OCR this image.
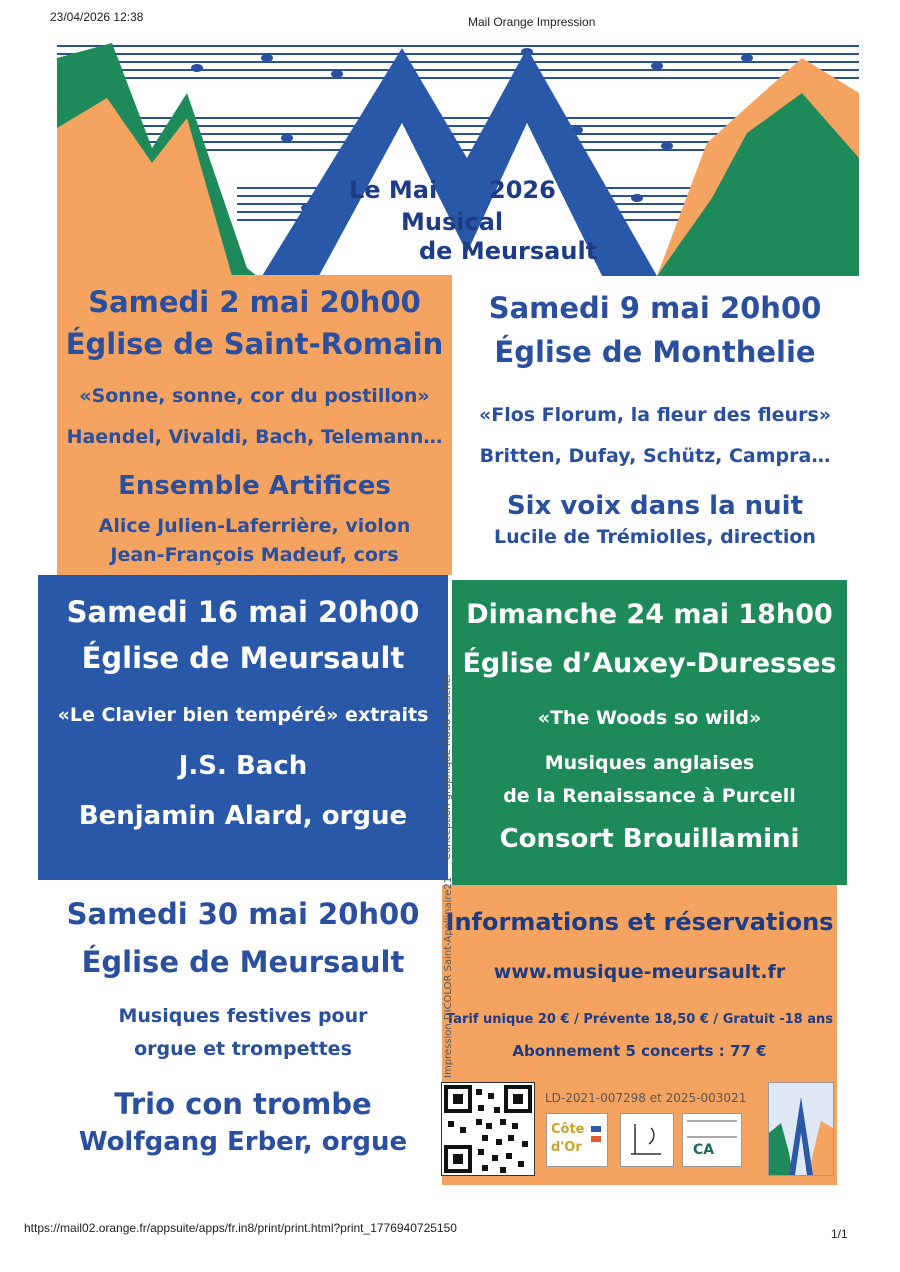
23/04/2026 12:38	Mail Orange Impression
Le Mai 2026
Musical
de Meursault
Samedi 2 mai 20h00
Église de Saint-Romain
«Sonne, sonne, cor du postillon»
Haendel, Vivaldi, Bach, Telemann…
Ensemble Artifices
Alice Julien-Laferrière, violon
Jean-François Madeuf, cors
Samedi 9 mai 20h00
Église de Monthelie
«Flos Florum, la fleur des fleurs»
Britten, Dufay, Schütz, Campra…
Six voix dans la nuit
Lucile de Trémiolles, direction
Samedi 16 mai 20h00
Église de Meursault
«Le Clavier bien tempéré» extraits
J.S. Bach
Benjamin Alard, orgue
Dimanche 24 mai 18h00
Église d’Auxey-Duresses
«The Woods so wild»
Musiques anglaises
de la Renaissance à Purcell
Consort Brouillamini
Samedi 30 mai 20h00
Église de Meursault
Musiques festives pour
orgue et trompettes
Trio con trombe
Wolfgang Erber, orgue
Informations et réservations
www.musique-meursault.fr
Tarif unique 20 € / Prévente 18,50 € / Gratuit -18 ans
Abonnement 5 concerts : 77 €
LD-2021-007298 et 2025-003021
Côte
d'Or	CA
Conception graphique Maud Gaucher
Impression DICOLOR Saint-Apollinaire21
https://mail02.orange.fr/appsuite/apps/fr.in8/print/print.html?print_1776940725150	1/1
